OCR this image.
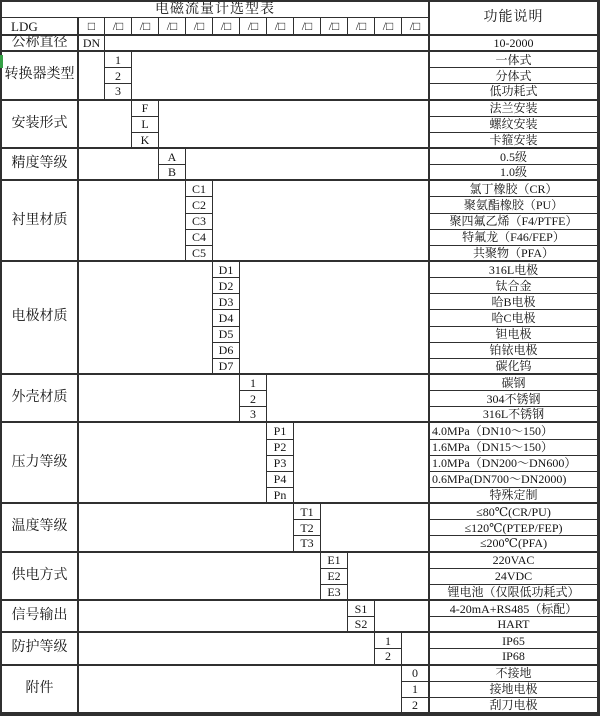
电磁流量计选型表
功能说明
LDG	□	/□	/□	/□	/□	/□	/□	/□	/□	/□	/□	/□	/□
公称直径	DN	10-2000
转换器类型
1	一体式
2	分体式
3	低功耗式
安装形式
F	法兰安装
L	螺纹安装
K	卡箍安装
精度等级	A	0.5级
B	1.0级
衬里材质
C1	氯丁橡胶（CR）
C2	聚氨酯橡胶（PU）
C3	聚四氟乙烯（F4/PTFE）
C4	特氟龙（F46/FEP）
C5	共聚物（PFA）
电极材质
D1	316L电极
D2	钛合金
D3	哈B电极
D4	哈C电极
D5	钽电极
D6	铂铱电极
D7	碳化钨
外壳材质
1	碳钢
2	304不锈钢
3	316L不锈钢
压力等级
P1	4.0MPa（DN10～150）
P2	1.6MPa（DN15～150）
P3	1.0MPa（DN200～DN600）
P4	0.6MPa(DN700～DN2000)
Pn	特殊定制
温度等级
T1	≤80℃(CR/PU)
T2	≤120℃(PTEP/FEP)
T3	≤200℃(PFA)
供电方式
E1	220VAC
E2	24VDC
E3	锂电池（仅限低功耗式）
信号输出	S1	4-20mA+RS485（标配）
S2	HART
防护等级	1	IP65
2	IP68
附件
0	不接地
1	接地电极
2	刮刀电极
